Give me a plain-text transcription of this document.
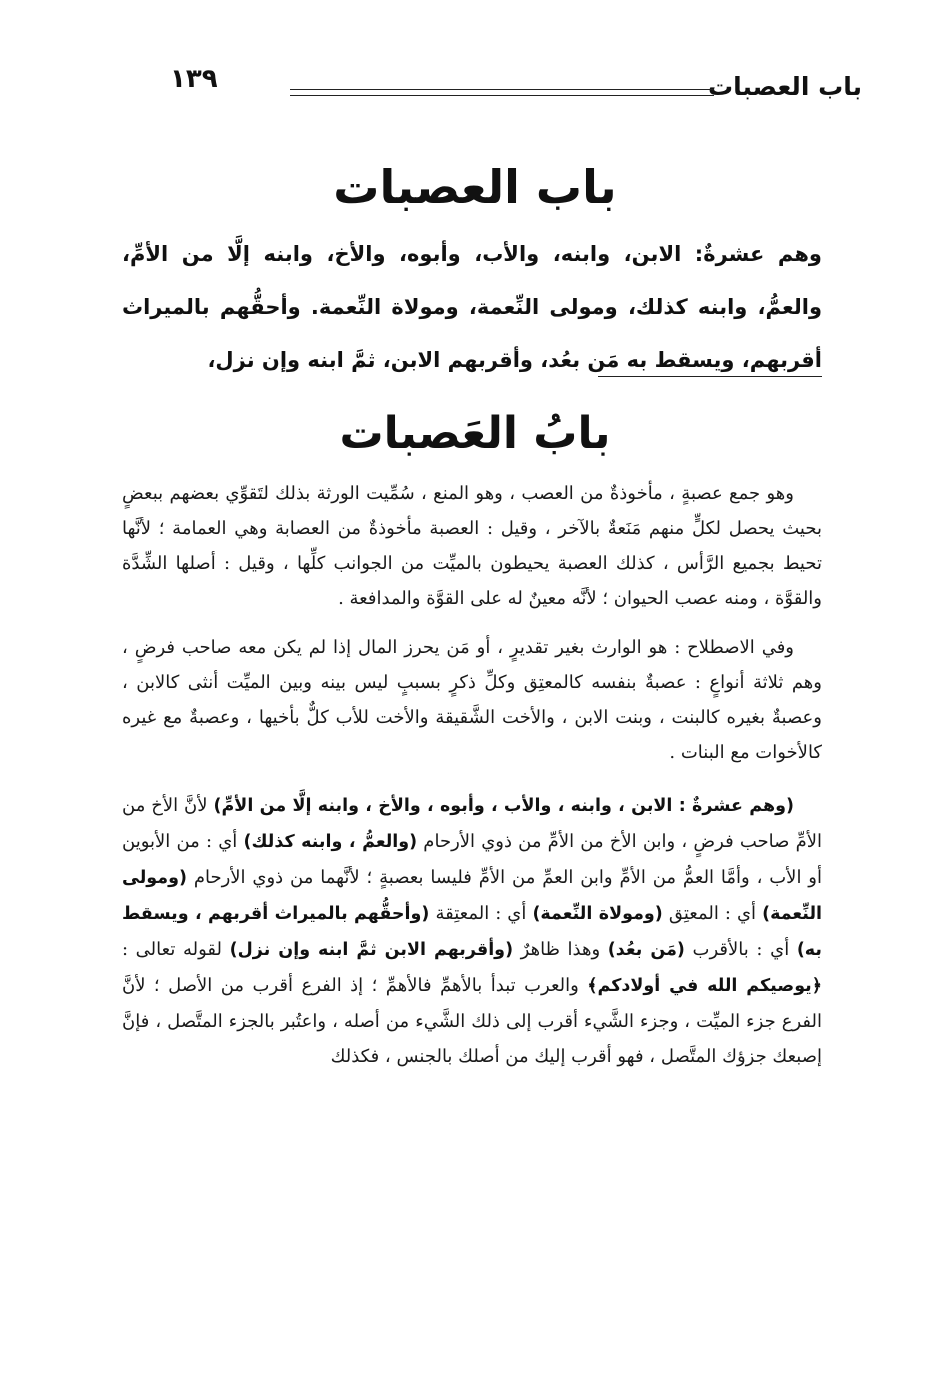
باب العصبات
١٣٩
باب العصبات
وهم عشرةٌ: الابن، وابنه، والأب، وأبوه، والأخ، وابنه إلَّا من الأمِّ، والعمُّ، وابنه كذلك، ومولى النِّعمة، ومولاة النِّعمة. وأحقُّهم بالميراث أقربهم، ويسقط به مَن بعُد، وأقربهم الابن، ثمَّ ابنه وإن نزل،
بابُ العَصبات

وهو جمع عصبةٍ ، مأخوذةٌ من العصب ، وهو المنع ، سُمِّيت الورثة بذلك لتَقوِّي بعضهم ببعضٍ بحيث يحصل لكلٍّ منهم مَنَعةٌ بالآخر ، وقيل : العصبة مأخوذةٌ من العصابة وهي العمامة ؛ لأنَّها تحيط بجميع الرَّأس ، كذلك العصبة يحيطون بالميِّت من الجوانب كلِّها ، وقيل : أصلها الشِّدَّة والقوَّة ، ومنه عصب الحيوان ؛ لأنَّه معينٌ له على القوَّة والمدافعة .

وفي الاصطلاح : هو الوارث بغير تقديرٍ ، أو مَن يحرز المال إذا لم يكن معه صاحب فرضٍ ، وهم ثلاثة أنواعٍ : عصبةٌ بنفسه كالمعتِق وكلِّ ذكرٍ بسببٍ ليس بينه وبين الميِّت أنثى كالابن ، وعصبةٌ بغيره كالبنت ، وبنت الابن ، والأخت الشَّقيقة والأخت للأب كلٌّ بأخيها ، وعصبةٌ مع غيره كالأخوات مع البنات .

(وهم عشرةٌ : الابن ، وابنه ، والأب ، وأبوه ، والأخ ، وابنه إلَّا من الأمِّ) لأنَّ الأخ من الأمِّ صاحب فرضٍ ، وابن الأخ من الأمِّ من ذوي الأرحام (والعمُّ ، وابنه كذلك) أي : من الأبوين أو الأب ، وأمَّا العمُّ من الأمِّ وابن العمِّ من الأمِّ فليسا بعصبةٍ ؛ لأنَّهما من ذوي الأرحام (ومولى النِّعمة) أي : المعتِق (ومولاة النِّعمة) أي : المعتِقة (وأحقُّهم بالميراث أقربهم ، ويسقط به) أي : بالأقرب (مَن بعُد) وهذا ظاهرٌ (وأقربهم الابن ثمَّ ابنه وإن نزل) لقوله تعالى : ﴿يوصيكم الله في أولادكم﴾ والعرب تبدأ بالأهمِّ فالأهمِّ ؛ إذ الفرع أقرب من الأصل ؛ لأنَّ الفرع جزء الميِّت ، وجزء الشَّيء أقرب إلى ذلك الشَّيء من أصله ، واعتُبر بالجزء المتَّصل ، فإنَّ إصبعك جزؤك المتَّصل ، فهو أقرب إليك من أصلك بالجنس ، فكذلك
